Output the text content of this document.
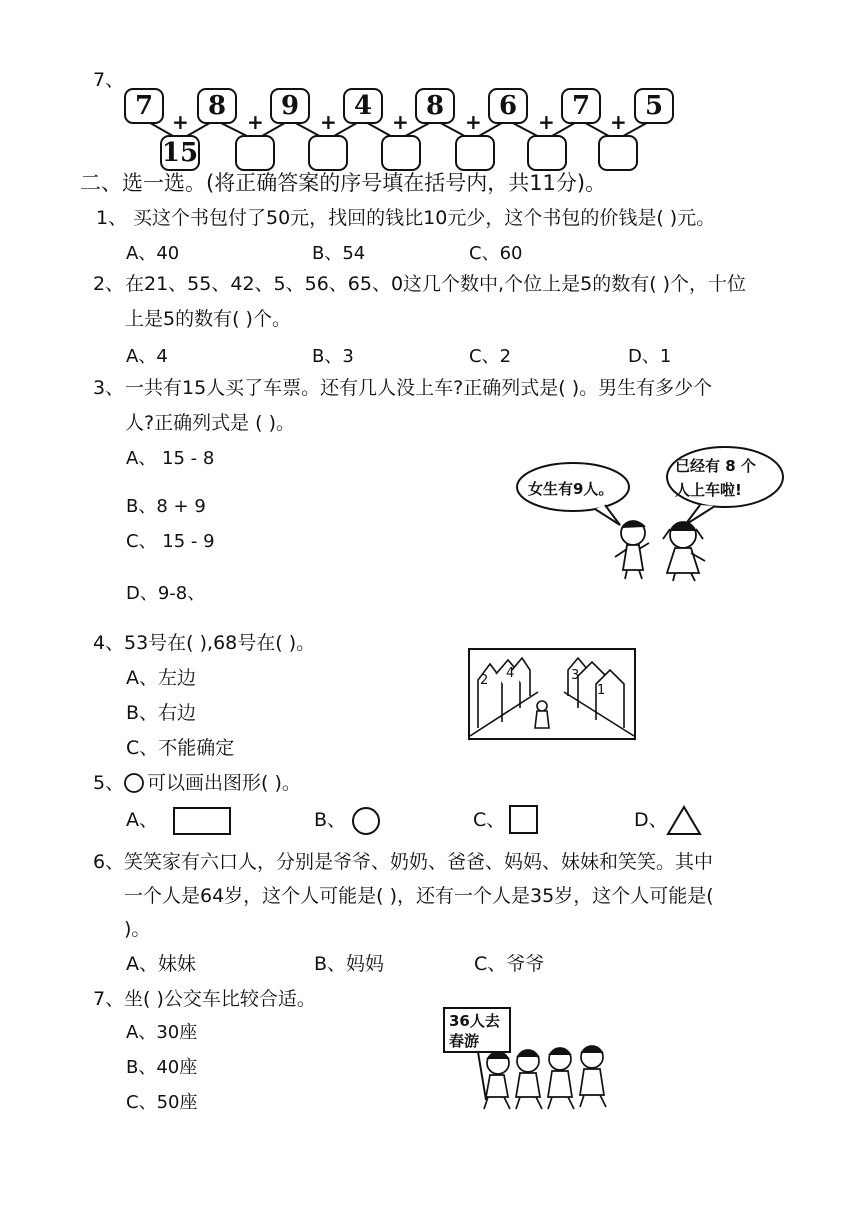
7、
7	8	9	4	8	6	7	5
+	+	+	+	+	+	+
15
二、选一选。(将正确答案的序号填在括号内，共11分)。
1、 买这个书包付了50元，找回的钱比10元少，这个书包的价钱是( )元。
A、40	B、54	C、60
2、 在21、55、42、5、56、65、0这几个数中,个位上是5的数有( )个，十位
上是5的数有( )个。
A、4	B、3	C、2	D、1
3、 一共有15人买了车票。还有几人没上车?正确列式是( )。男生有多少个
人?正确列式是 ( )。
A、 15 - 8
B、8 + 9
C、 15 - 9
D、9-8、
女生有9人。
已经有 8 个
人上车啦!
4、 53号在( ),68号在( )。
A、左边
B、右边
C、不能确定
2 4	3
1
5、 可以画出图形( )。
A、	B、	C、	D、
6、 笑笑家有六口人，分别是爷爷、奶奶、爸爸、妈妈、妹妹和笑笑。其中
一个人是64岁，这个人可能是( )，还有一个人是35岁，这个人可能是(
)。
A、妹妹	B、妈妈	C、爷爷
7、 坐( )公交车比较合适。
A、30座
B、40座
C、50座
36人去
春游
